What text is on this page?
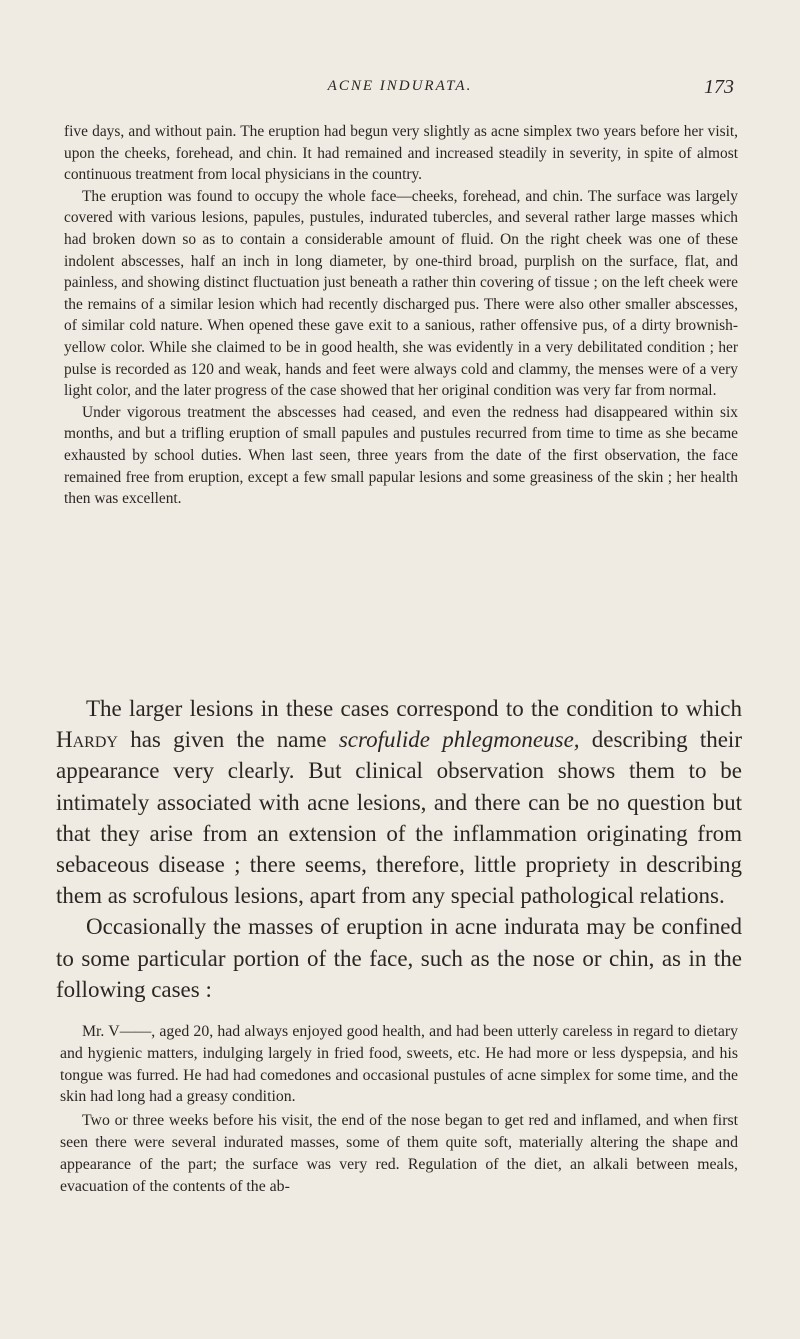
ACNE INDURATA.	173

five days, and without pain. The eruption had begun very slightly as acne simplex two years before her visit, upon the cheeks, forehead, and chin. It had remained and increased steadily in severity, in spite of almost continuous treatment from local physicians in the country.

The eruption was found to occupy the whole face—cheeks, forehead, and chin. The surface was largely covered with various lesions, papules, pustules, indurated tubercles, and several rather large masses which had broken down so as to contain a considerable amount of fluid. On the right cheek was one of these indolent abscesses, half an inch in long diameter, by one-third broad, purplish on the surface, flat, and painless, and showing distinct fluctuation just beneath a rather thin covering of tissue ; on the left cheek were the remains of a similar lesion which had recently discharged pus. There were also other smaller abscesses, of similar cold nature. When opened these gave exit to a sanious, rather offensive pus, of a dirty brownish-yellow color. While she claimed to be in good health, she was evidently in a very debilitated condition ; her pulse is recorded as 120 and weak, hands and feet were always cold and clammy, the menses were of a very light color, and the later progress of the case showed that her original condition was very far from normal.

Under vigorous treatment the abscesses had ceased, and even the redness had disappeared within six months, and but a trifling eruption of small papules and pustules recurred from time to time as she became exhausted by school duties. When last seen, three years from the date of the first observation, the face remained free from eruption, except a few small papular lesions and some greasiness of the skin ; her health then was excellent.

The larger lesions in these cases correspond to the condition to which Hardy has given the name scrofulide phlegmoneuse, describing their appearance very clearly. But clinical observation shows them to be intimately associated with acne lesions, and there can be no question but that they arise from an extension of the inflammation originating from sebaceous disease ; there seems, therefore, little propriety in describing them as scrofulous lesions, apart from any special pathological relations.

Occasionally the masses of eruption in acne indurata may be confined to some particular portion of the face, such as the nose or chin, as in the following cases :

Mr. V——, aged 20, had always enjoyed good health, and had been utterly careless in regard to dietary and hygienic matters, indulging largely in fried food, sweets, etc. He had more or less dyspepsia, and his tongue was furred. He had had comedones and occasional pustules of acne simplex for some time, and the skin had long had a greasy condition.

Two or three weeks before his visit, the end of the nose began to get red and inflamed, and when first seen there were several indurated masses, some of them quite soft, materially altering the shape and appearance of the part; the surface was very red. Regulation of the diet, an alkali between meals, evacuation of the contents of the ab-
